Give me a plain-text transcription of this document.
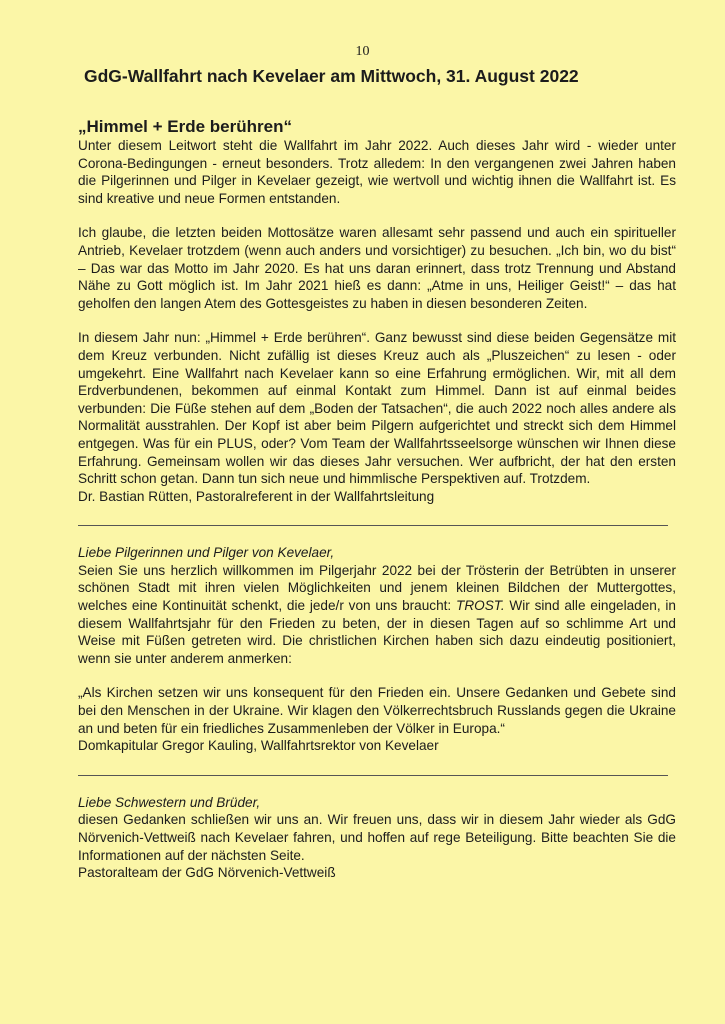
10
GdG-Wallfahrt nach Kevelaer am Mittwoch, 31. August 2022
„Himmel + Erde berühren“

Unter diesem Leitwort steht die Wallfahrt im Jahr 2022. Auch dieses Jahr wird - wieder unter Corona-Bedingungen - erneut besonders. Trotz alledem: In den vergangenen zwei Jahren haben die Pilgerinnen und Pilger in Kevelaer gezeigt, wie wertvoll und wichtig ihnen die Wallfahrt ist. Es sind kreative und neue Formen entstanden.

Ich glaube, die letzten beiden Mottosätze waren allesamt sehr passend und auch ein spiritueller Antrieb, Kevelaer trotzdem (wenn auch anders und vorsichtiger) zu besuchen. „Ich bin, wo du bist“ – Das war das Motto im Jahr 2020. Es hat uns daran erinnert, dass trotz Trennung und Abstand Nähe zu Gott möglich ist. Im Jahr 2021 hieß es dann: „Atme in uns, Heiliger Geist!“ – das hat geholfen den langen Atem des Gottesgeistes zu haben in diesen besonderen Zeiten.

In diesem Jahr nun: „Himmel + Erde berühren“. Ganz bewusst sind diese beiden Gegensätze mit dem Kreuz verbunden. Nicht zufällig ist dieses Kreuz auch als „Pluszeichen“ zu lesen - oder umgekehrt. Eine Wallfahrt nach Kevelaer kann so eine Erfahrung ermöglichen. Wir, mit all dem Erdverbundenen, bekommen auf einmal Kontakt zum Himmel. Dann ist auf einmal beides verbunden: Die Füße stehen auf dem „Boden der Tatsachen“, die auch 2022 noch alles andere als Normalität ausstrahlen. Der Kopf ist aber beim Pilgern aufgerichtet und streckt sich dem Himmel entgegen. Was für ein PLUS, oder? Vom Team der Wallfahrtsseelsorge wünschen wir Ihnen diese Erfahrung. Gemeinsam wollen wir das dieses Jahr versuchen. Wer aufbricht, der hat den ersten Schritt schon getan. Dann tun sich neue und himmlische Perspektiven auf. Trotzdem.

Dr. Bastian Rütten, Pastoralreferent in der Wallfahrtsleitung
Liebe Pilgerinnen und Pilger von Kevelaer,

Seien Sie uns herzlich willkommen im Pilgerjahr 2022 bei der Trösterin der Betrübten in unserer schönen Stadt mit ihren vielen Möglichkeiten und jenem kleinen Bildchen der Muttergottes, welches eine Kontinuität schenkt, die jede/r von uns braucht: TROST. Wir sind alle eingeladen, in diesem Wallfahrtsjahr für den Frieden zu beten, der in diesen Tagen auf so schlimme Art und Weise mit Füßen getreten wird. Die christlichen Kirchen haben sich dazu eindeutig positioniert, wenn sie unter anderem anmerken:

„Als Kirchen setzen wir uns konsequent für den Frieden ein. Unsere Gedanken und Gebete sind bei den Menschen in der Ukraine. Wir klagen den Völkerrechtsbruch Russlands gegen die Ukraine an und beten für ein friedliches Zusammenleben der Völker in Europa.“

Domkapitular Gregor Kauling, Wallfahrtsrektor von Kevelaer
Liebe Schwestern und Brüder,

diesen Gedanken schließen wir uns an. Wir freuen uns, dass wir in diesem Jahr wieder als GdG Nörvenich-Vettweiß nach Kevelaer fahren, und hoffen auf rege Beteiligung. Bitte beachten Sie die Informationen auf der nächsten Seite.

Pastoralteam der GdG Nörvenich-Vettweiß
